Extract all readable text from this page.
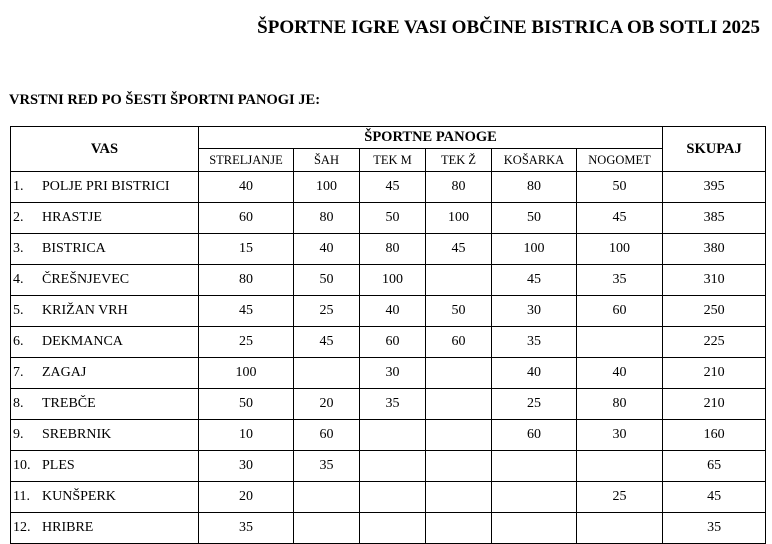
ŠPORTNE IGRE VASI OBČINE BISTRICA OB SOTLI 2025
VRSTNI RED PO ŠESTI ŠPORTNI PANOGI JE:
VAS	ŠPORTNE PANOGE						SKUPAJ
	STRELJANJE	ŠAH	TEK M	TEK Ž	KOŠARKA	NOGOMET	
1. POLJE PRI BISTRICI	40	100	45	80	80	50	395
2. HRASTJE	60	80	50	100	50	45	385
3. BISTRICA	15	40	80	45	100	100	380
4. ČREŠNJEVEC	80	50	100		45	35	310
5. KRIŽAN VRH	45	25	40	50	30	60	250
6. DEKMANCA	25	45	60	60	35		225
7. ZAGAJ	100		30		40	40	210
8. TREBČE	50	20	35		25	80	210
9. SREBRNIK	10	60			60	30	160
10. PLES	30	35					65
11. KUNŠPERK	20					25	45
12. HRIBRE	35						35
